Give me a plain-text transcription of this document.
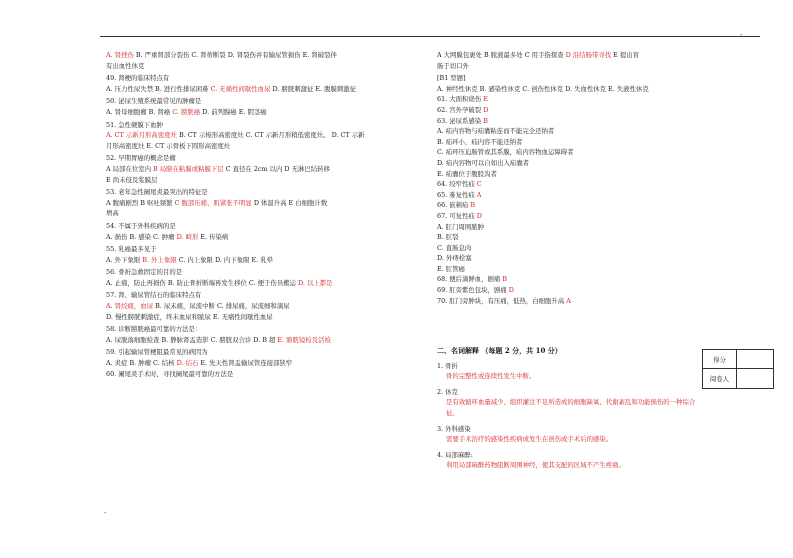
-
A. 肾挫伤 B. 严重肾部分裂伤 C. 肾蒂断裂 D. 肾裂伤并有输尿管损伤 E. 肾破裂伴
有出血性休克
49. 肾梗的临床特点有
A. 压力性尿失禁 B. 进行性排尿困难 C. 无痛性间歇性血尿 D. 膀胱刺激征 E. 腹膜刺激征
50. 泌尿生殖系统最常见的肿瘤是
A. 肾母细胞瘤 B. 肾癌 C. 膀胱癌 D. 前列腺癌 E. 阴茎癌
51. 急性硬膜下血肿
A. CT 示新月形高密度灶 B. CT 示梭形高密度灶 C. CT 示新月形稍低密度灶。 D. CT 示新
月形高密度灶 E. CT 示骨板下圆形高密度灶
52. 早期胃癌的概念是瘤
A 局部在位室内 B 局限在粘膜或粘膜下层 C 直径在 2cm 以内 D 无淋巴结转移
E 尚未侵及浆膜层
53. 老年急性阑尾炎最突出的特征是
A 腹痛剧烈 B 呕吐频繁 C 腹部压痛、肌紧张不明显 D 体温升高 E 白细胞计数
增高
54. 不属于外科疾病的是
A. 损伤 B. 感染 C. 肿瘤 D. 畸形 E. 传染病
55. 乳癌最多见于
A. 外下象限 B. 外上象限 C. 内上象限 D. 内下象限 E. 乳晕
56. 骨折急救固定的目的是
A. 止痛，防止再损伤 B. 防止骨折断端再发生移位 C. 便于伤员搬运 D. 以上都是
57. 肾、输尿管结石的临床特点有
A. 肾绞痛，血尿 B. 尿未痛，尿流中断 C. 排尿痛，尿流细和滴尿
D. 慢性膀胱刺激症，终末血尿和脓尿 E. 无痛性间歇性血尿
58. 诊断膀胱癌最可靠的方法是：
A. 尿脱落细胞检查 B. 静脉肾盂造影 C. 膀胱双合诊 D. B 超 E. 膀胱镜检及活检
59. 引起输尿管梗阻最常见的病因为
A. 炎症 B. 肿瘤 C. 结核 D. 结石 E. 先天性肾盂输尿管连接部狭窄
60. 阑尾炎手术时，寻找阑尾最可靠的方法是
A 大网膜包裹处 B 脓液最多处 C 用手指探查 D 沿结肠带寻找 E 提出盲
肠于切口外
[B1 型题]
A. 神经性休克 B. 感染性休克 C. 创伤性休克 D. 失血性休克 E. 失液性休克
61. 大面积烧伤 E
62. 宫外孕破裂 D
63. 泌尿系感染 B
A. 疝内容物与疝囊粘连而不能完全还纳者
B. 疝环小，疝内容不能还纳者
C. 疝环压迫肠管或其系膜，疝内容物血运障碍者
D. 疝内容物可以自如出入疝囊者
E. 疝囊位于腹股沟者
64. 绞窄性疝 C
65. 难复性疝 A
66. 嵌顿疝 B
67. 可复性疝 D
A. 肛门周围脓肿
B. 肛裂
C. 直肠息肉
D. 外痔栓塞
E. 肛管癌
68. 便后滴鲜血，剧痛 B
69. 肛旁紫色包块，剧痛 D
70. 肛门旁肿块，有压痛，低热，白细胞升高 A
二、名词解释 （每题 2 分，共 10 分）
1. 骨折
骨的完整性或连续性发生中断。
2. 休克
是有效循环血量减少、组织灌注不足所造成的细胞缺氧、代谢紊乱和功能损伤的一种综合征。
3. 外科感染
需要手术治疗的感染性疾病或发生在创伤或手术后的感染。
4. 局部麻醉:
利用局部麻醉药物阻断周围神经，使其支配的区域不产生疼痛。
得分
阅卷人
-
